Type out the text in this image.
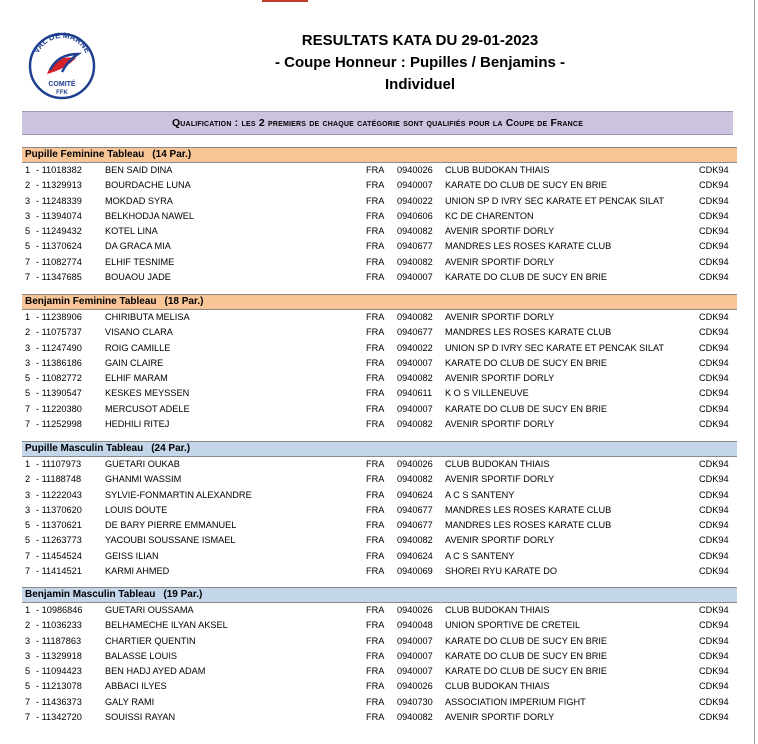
VAL DE MARNE
COMITÉ
FFK
RESULTATS KATA DU 29-01-2023
- Coupe Honneur : Pupilles / Benjamins -
Individuel
Qualification : les 2 premiers de chaque catégorie sont qualifiés pour la Coupe de France
Pupille Feminine Tableau (14 Par.)
1 - 11018382	BEN SAID DINA	FRA 0940026 CLUB BUDOKAN THIAIS	CDK94
2 - 11329913	BOURDACHE LUNA	FRA 0940007 KARATE DO CLUB DE SUCY EN BRIE	CDK94
3 - 11248339	MOKDAD SYRA	FRA 0940022 UNION SP D IVRY SEC KARATE ET PENCAK SILAT	CDK94
3 - 11394074	BELKHODJA NAWEL	FRA 0940606 KC DE CHARENTON	CDK94
5 - 11249432	KOTEL LINA	FRA 0940082 AVENIR SPORTIF DORLY	CDK94
5 - 11370624	DA GRACA MIA	FRA 0940677 MANDRES LES ROSES KARATE CLUB	CDK94
7 - 11082774	ELHIF TESNIME	FRA 0940082 AVENIR SPORTIF DORLY	CDK94
7 - 11347685	BOUAOU JADE	FRA 0940007 KARATE DO CLUB DE SUCY EN BRIE	CDK94
Benjamin Feminine Tableau (18 Par.)
1 - 11238906	CHIRIBUTA MELISA	FRA 0940082 AVENIR SPORTIF DORLY	CDK94
2 - 11075737	VISANO CLARA	FRA 0940677 MANDRES LES ROSES KARATE CLUB	CDK94
3 - 11247490	ROIG CAMILLE	FRA 0940022 UNION SP D IVRY SEC KARATE ET PENCAK SILAT	CDK94
3 - 11386186	GAIN CLAIRE	FRA 0940007 KARATE DO CLUB DE SUCY EN BRIE	CDK94
5 - 11082772	ELHIF MARAM	FRA 0940082 AVENIR SPORTIF DORLY	CDK94
5 - 11390547	KESKES MEYSSEN	FRA 0940611 K O S VILLENEUVE	CDK94
7 - 11220380	MERCUSOT ADELE	FRA 0940007 KARATE DO CLUB DE SUCY EN BRIE	CDK94
7 - 11252998	HEDHILI RITEJ	FRA 0940082 AVENIR SPORTIF DORLY	CDK94
Pupille Masculin Tableau (24 Par.)
1 - 11107973	GUETARI OUKAB	FRA 0940026 CLUB BUDOKAN THIAIS	CDK94
2 - 11188748	GHANMI WASSIM	FRA 0940082 AVENIR SPORTIF DORLY	CDK94
3 - 11222043	SYLVIE-FONMARTIN ALEXANDRE	FRA 0940624 A C S SANTENY	CDK94
3 - 11370620	LOUIS DOUTE	FRA 0940677 MANDRES LES ROSES KARATE CLUB	CDK94
5 - 11370621	DE BARY PIERRE EMMANUEL	FRA 0940677 MANDRES LES ROSES KARATE CLUB	CDK94
5 - 11263773	YACOUBI SOUSSANE ISMAEL	FRA 0940082 AVENIR SPORTIF DORLY	CDK94
7 - 11454524	GEISS ILIAN	FRA 0940624 A C S SANTENY	CDK94
7 - 11414521	KARMI AHMED	FRA 0940069 SHOREI RYU KARATE DO	CDK94
Benjamin Masculin Tableau (19 Par.)
1 - 10986846 GUETARI OUSSAMA	FRA 0940026 CLUB BUDOKAN THIAIS	CDK94
2 - 11036233	BELHAMECHE ILYAN AKSEL	FRA 0940048 UNION SPORTIVE DE CRETEIL	CDK94
3 - 11187863	CHARTIER QUENTIN	FRA 0940007 KARATE DO CLUB DE SUCY EN BRIE	CDK94
3 - 11329918	BALASSE LOUIS	FRA 0940007 KARATE DO CLUB DE SUCY EN BRIE	CDK94
5 - 11094423	BEN HADJ AYED ADAM	FRA 0940007 KARATE DO CLUB DE SUCY EN BRIE	CDK94
5 - 11213078	ABBACI ILYES	FRA 0940026 CLUB BUDOKAN THIAIS	CDK94
7 - 11436373	GALY RAMI	FRA 0940730 ASSOCIATION IMPERIUM FIGHT	CDK94
7 - 11342720	SOUISSI RAYAN	FRA 0940082 AVENIR SPORTIF DORLY	CDK94
